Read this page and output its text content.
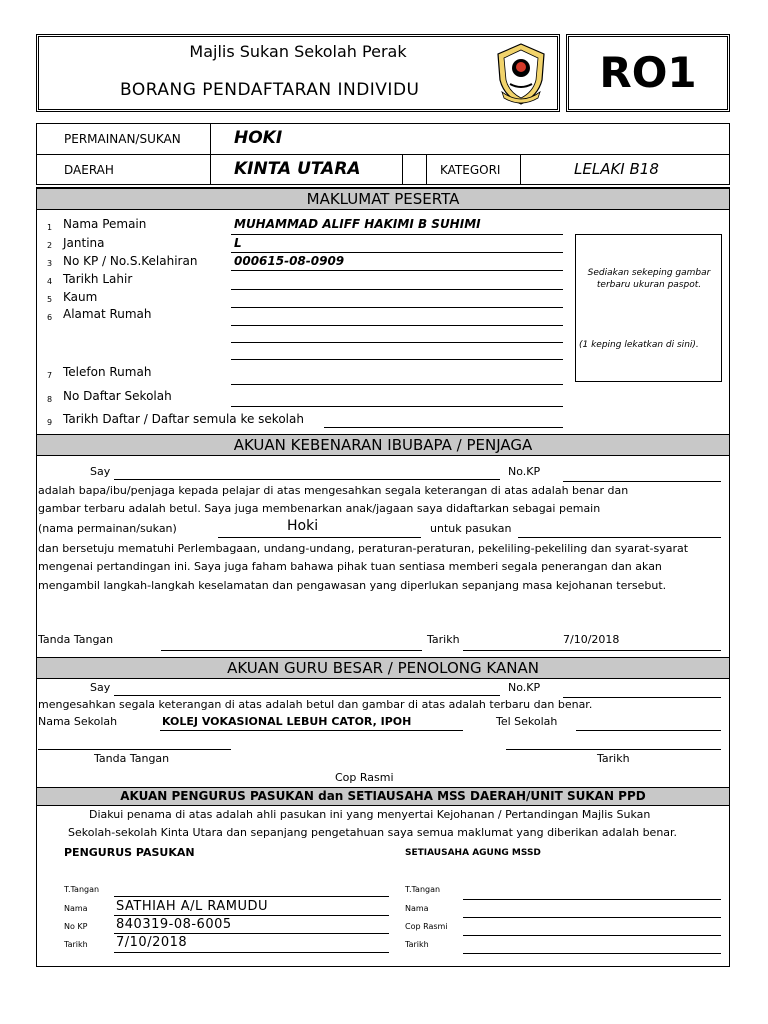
Majlis Sukan Sekolah Perak
BORANG PENDAFTARAN INDIVIDU	RO1
PERMAINAN/SUKAN	HOKI
DAERAH	KINTA UTARA	KATEGORI	LELAKI B18
MAKLUMAT PESERTA
1 Nama Pemain	MUHAMMAD ALIFF HAKIMI B SUHIMI
2 Jantina	L
3 No KP / No.S.Kelahiran	000615-08-0909
4 Tarikh Lahir
5 Kaum
6 Alamat Rumah
7 Telefon Rumah
8 No Daftar Sekolah
9 Tarikh Daftar / Daftar semula ke sekolah
Sediakan sekeping gambar terbaru ukuran paspot.
(1 keping lekatkan di sini).
AKUAN KEBENARAN IBUBAPA / PENJAGA
Say	No.KP
adalah bapa/ibu/penjaga kepada pelajar di atas mengesahkan segala keterangan di atas adalah benar dan
gambar terbaru adalah betul. Saya juga membenarkan anak/jagaan saya didaftarkan sebagai pemain
(nama permainan/sukan)	Hoki	untuk pasukan
dan bersetuju mematuhi Perlembagaan, undang-undang, peraturan-peraturan, pekeliling-pekeliling dan syarat-syarat
mengenai pertandingan ini. Saya juga faham bahawa pihak tuan sentiasa memberi segala penerangan dan akan
mengambil langkah-langkah keselamatan dan pengawasan yang diperlukan sepanjang masa kejohanan tersebut.
Tanda Tangan	Tarikh	7/10/2018
AKUAN GURU BESAR / PENOLONG KANAN
Say	No.KP
mengesahkan segala keterangan di atas adalah betul dan gambar di atas adalah terbaru dan benar.
Nama Sekolah	KOLEJ VOKASIONAL LEBUH CATOR, IPOH	Tel Sekolah
Tanda Tangan	Tarikh
Cop Rasmi
AKUAN PENGURUS PASUKAN dan SETIAUSAHA MSS DAERAH/UNIT SUKAN PPD
Diakui penama di atas adalah ahli pasukan ini yang menyertai Kejohanan / Pertandingan Majlis Sukan
Sekolah-sekolah Kinta Utara dan sepanjang pengetahuan saya semua maklumat yang diberikan adalah benar.
PENGURUS PASUKAN	SETIAUSAHA AGUNG MSSD
T.Tangan
Nama SATHIAH A/L RAMUDU
No KP 840319-08-6005
Tarikh 7/10/2018
T.Tangan
Nama
Cop Rasmi
Tarikh
